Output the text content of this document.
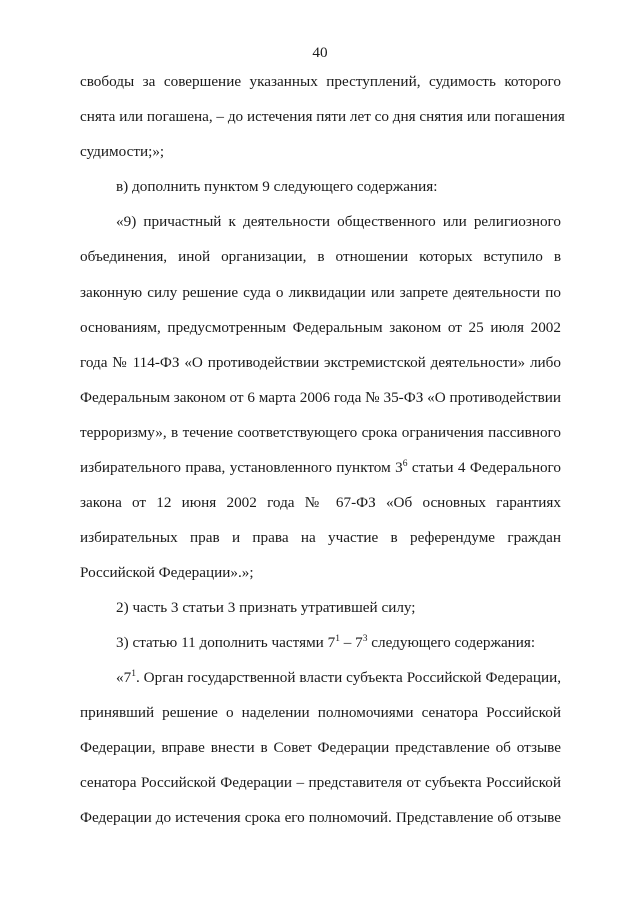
40
свободы за совершение указанных преступлений, судимость которого
снята или погашена, – до истечения пяти лет со дня снятия или погашения
судимости;»;
в) дополнить пунктом 9 следующего содержания:
«9) причастный к деятельности общественного или религиозного
объединения, иной организации, в отношении которых вступило в
законную силу решение суда о ликвидации или запрете деятельности по
основаниям, предусмотренным Федеральным законом от 25 июля 2002
года № 114-ФЗ «О противодействии экстремистской деятельности» либо
Федеральным законом от 6 марта 2006 года № 35-ФЗ «О противодействии
терроризму», в течение соответствующего срока ограничения пассивного
избирательного права, установленного пунктом $3^6$ статьи 4 Федерального
закона от 12 июня 2002 года № 67-ФЗ «Об основных гарантиях
избирательных прав и права на участие в референдуме граждан
Российской Федерации».»;
2) часть 3 статьи 3 признать утратившей силу;
3) статью 11 дополнить частями $7^1 - 7^3$ следующего содержания:
«$7^1$. Орган государственной власти субъекта Российской Федерации,
принявший решение о наделении полномочиями сенатора Российской
Федерации, вправе внести в Совет Федерации представление об отзыве
сенатора Российской Федерации – представителя от субъекта Российской
Федерации до истечения срока его полномочий. Представление об отзыве
